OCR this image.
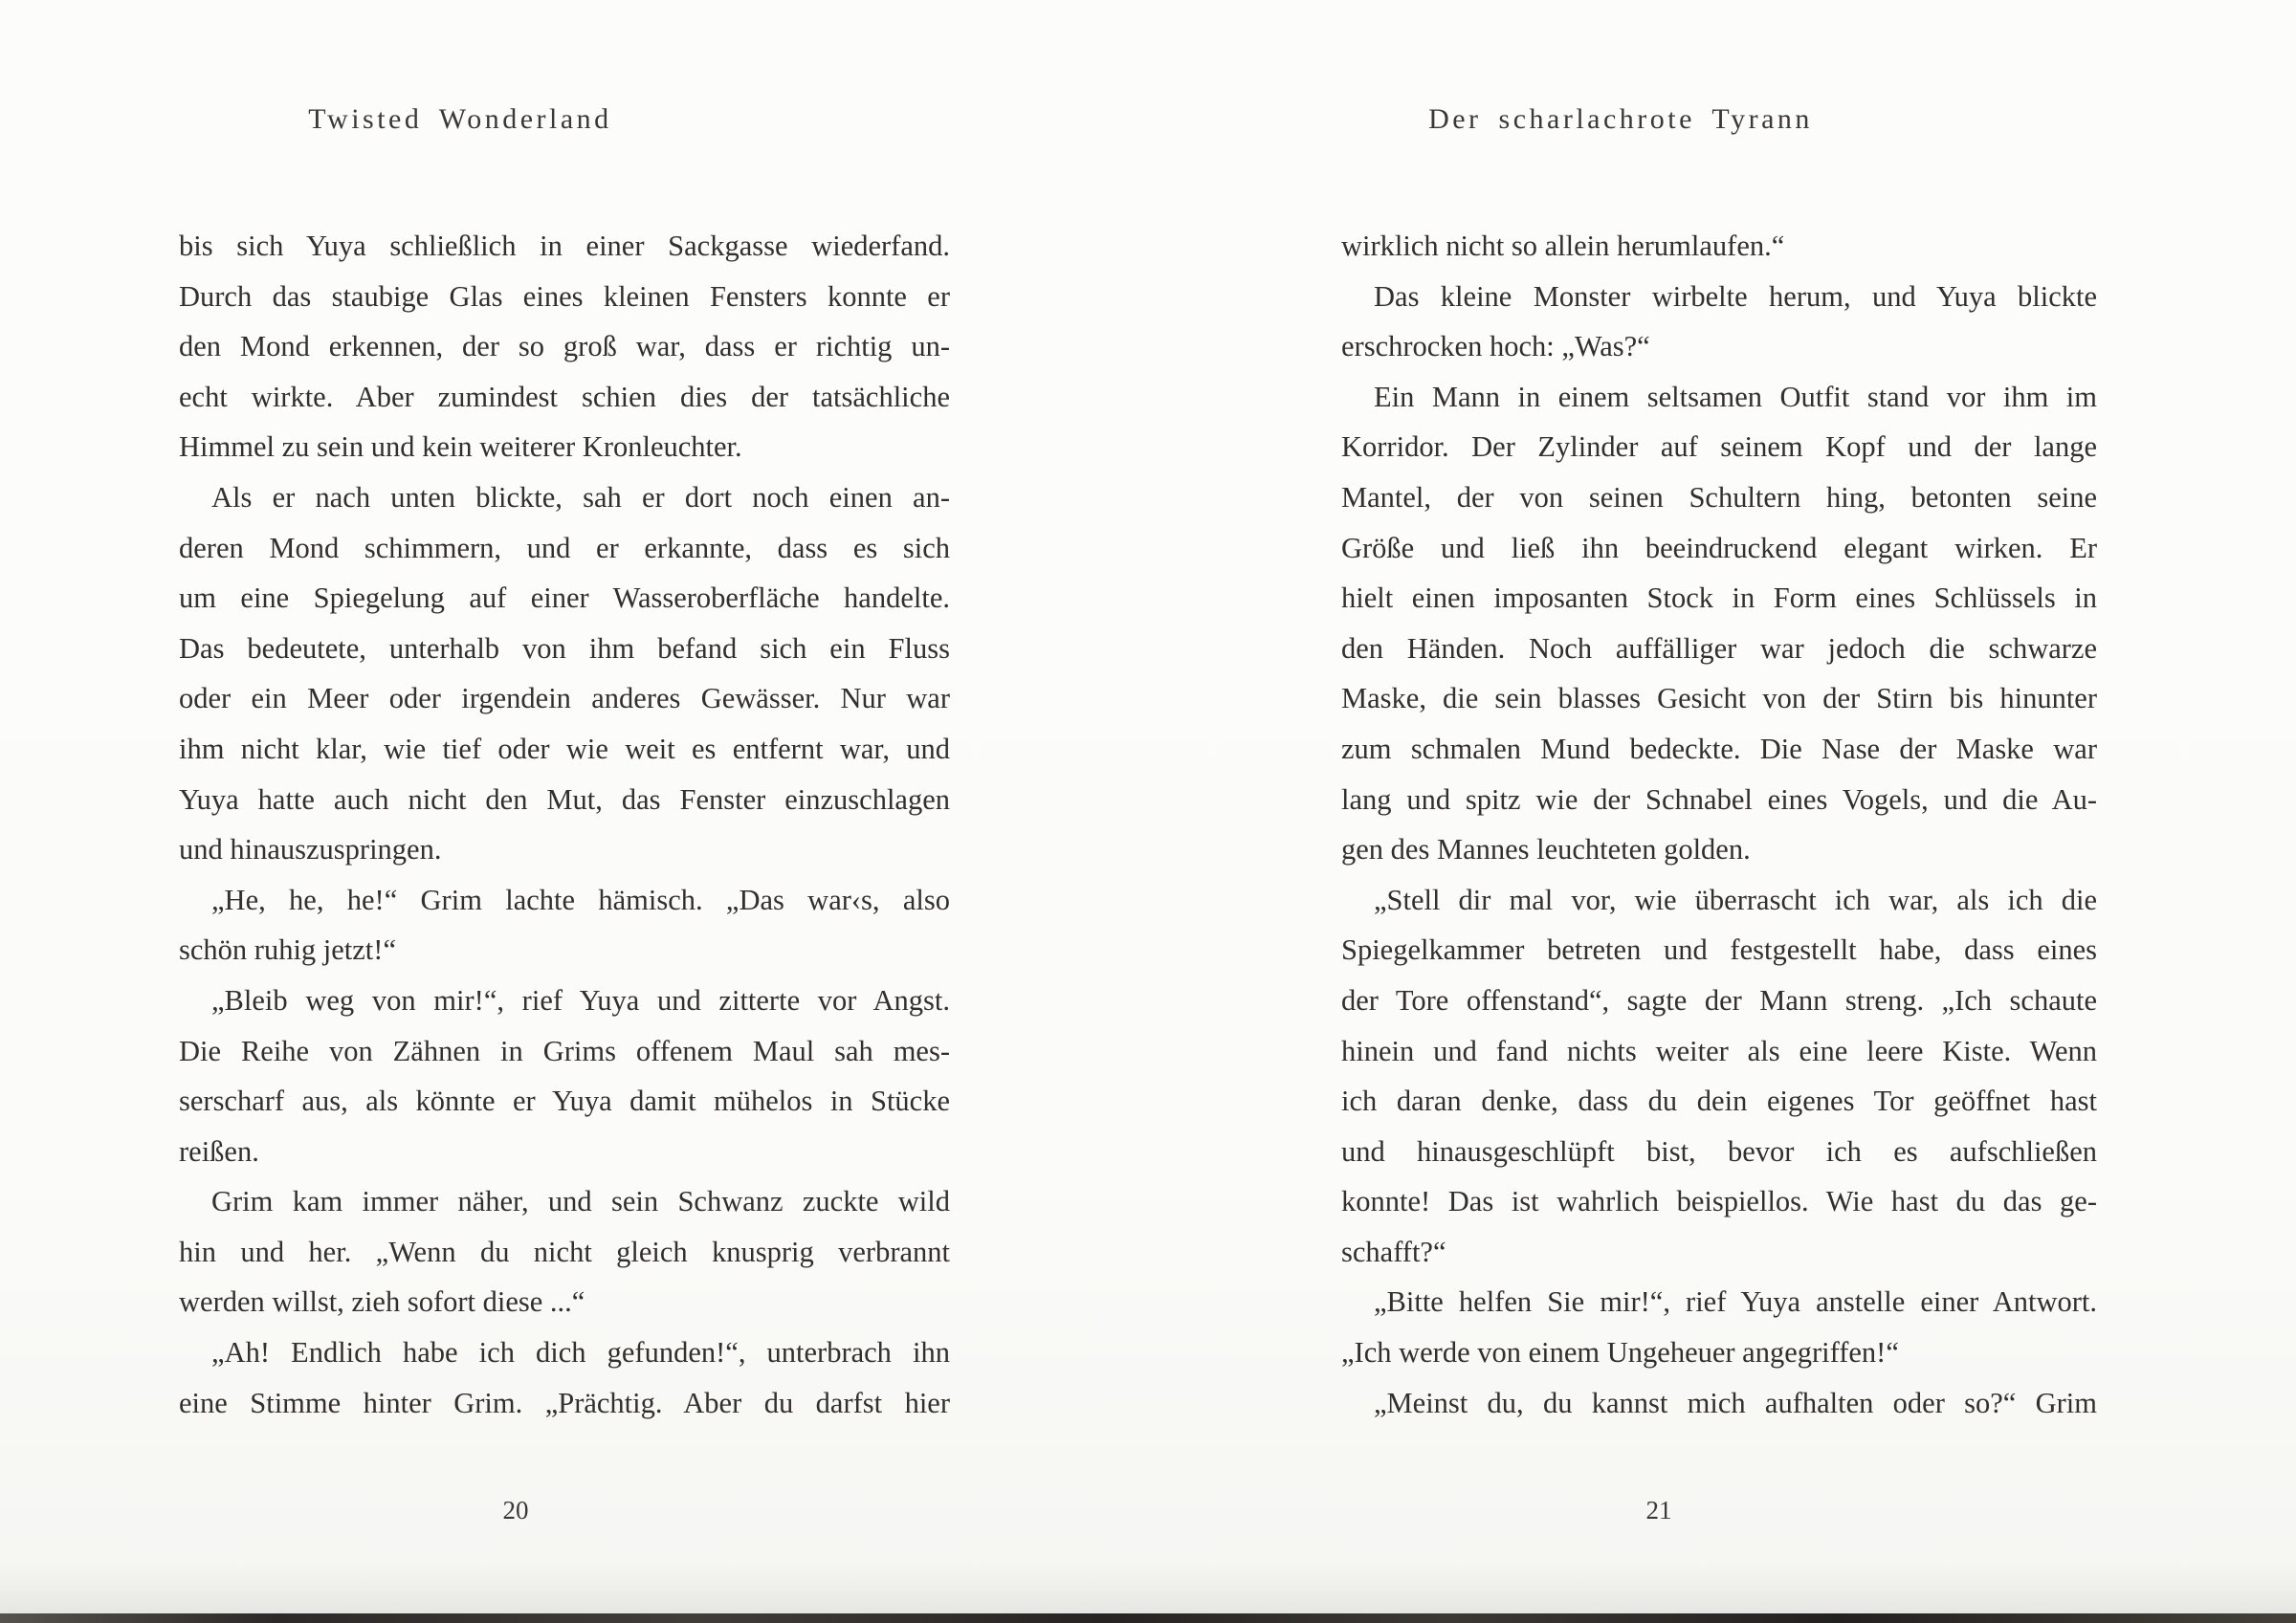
Twisted Wonderland
bis sich Yuya schließlich in einer Sackgasse wiederfand.
Durch das staubige Glas eines kleinen Fensters konnte er
den Mond erkennen, der so groß war, dass er richtig un-
echt wirkte. Aber zumindest schien dies der tatsächliche
Himmel zu sein und kein weiterer Kronleuchter.
Als er nach unten blickte, sah er dort noch einen an-
deren Mond schimmern, und er erkannte, dass es sich
um eine Spiegelung auf einer Wasseroberfläche handelte.
Das bedeutete, unterhalb von ihm befand sich ein Fluss
oder ein Meer oder irgendein anderes Gewässer. Nur war
ihm nicht klar, wie tief oder wie weit es entfernt war, und
Yuya hatte auch nicht den Mut, das Fenster einzuschlagen
und hinauszuspringen.
„He, he, he!“ Grim lachte hämisch. „Das war‹s, also
schön ruhig jetzt!“
„Bleib weg von mir!“, rief Yuya und zitterte vor Angst.
Die Reihe von Zähnen in Grims offenem Maul sah mes-
serscharf aus, als könnte er Yuya damit mühelos in Stücke
reißen.
Grim kam immer näher, und sein Schwanz zuckte wild
hin und her. „Wenn du nicht gleich knusprig verbrannt
werden willst, zieh sofort diese ...“
„Ah! Endlich habe ich dich gefunden!“, unterbrach ihn
eine Stimme hinter Grim. „Prächtig. Aber du darfst hier
20
Der scharlachrote Tyrann
wirklich nicht so allein herumlaufen.“
Das kleine Monster wirbelte herum, und Yuya blickte
erschrocken hoch: „Was?“
Ein Mann in einem seltsamen Outfit stand vor ihm im
Korridor. Der Zylinder auf seinem Kopf und der lange
Mantel, der von seinen Schultern hing, betonten seine
Größe und ließ ihn beeindruckend elegant wirken. Er
hielt einen imposanten Stock in Form eines Schlüssels in
den Händen. Noch auffälliger war jedoch die schwarze
Maske, die sein blasses Gesicht von der Stirn bis hinunter
zum schmalen Mund bedeckte. Die Nase der Maske war
lang und spitz wie der Schnabel eines Vogels, und die Au-
gen des Mannes leuchteten golden.
„Stell dir mal vor, wie überrascht ich war, als ich die
Spiegelkammer betreten und festgestellt habe, dass eines
der Tore offenstand“, sagte der Mann streng. „Ich schaute
hinein und fand nichts weiter als eine leere Kiste. Wenn
ich daran denke, dass du dein eigenes Tor geöffnet hast
und hinausgeschlüpft bist, bevor ich es aufschließen
konnte! Das ist wahrlich beispiellos. Wie hast du das ge-
schafft?“
„Bitte helfen Sie mir!“, rief Yuya anstelle einer Antwort.
„Ich werde von einem Ungeheuer angegriffen!“
„Meinst du, du kannst mich aufhalten oder so?“ Grim
21
